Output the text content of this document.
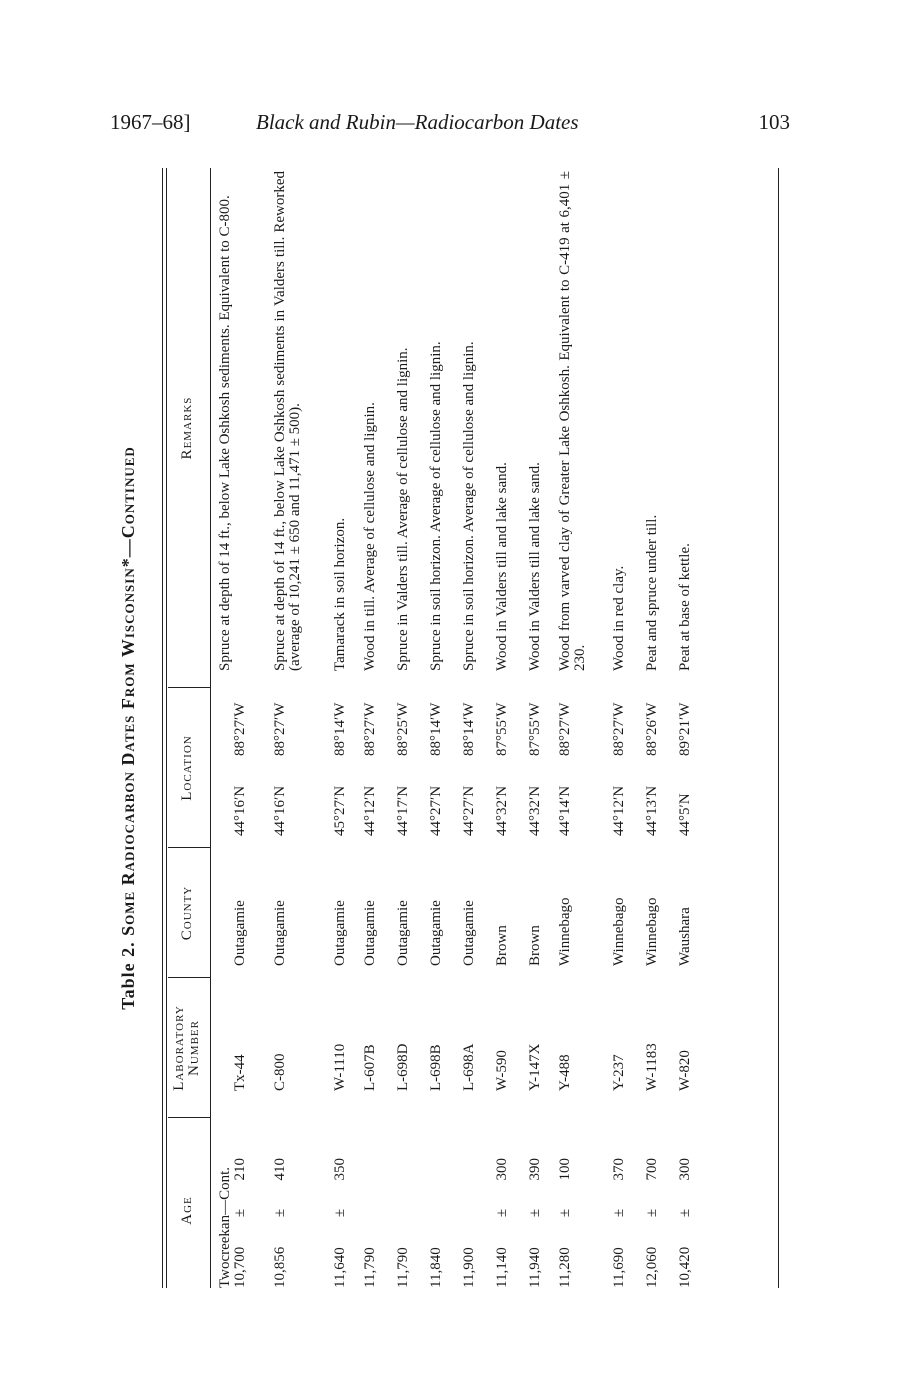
1967–68]	Black and Rubin—Radiocarbon Dates	103
Table 2. Some Radiocarbon Dates From Wisconsin*—Continued
Age
Laboratory
Number
County
Location
Remarks
Twocreekan—Cont. 10,700±210
Tx-44
Outagamie
44°16′N
88°27′W
Spruce at depth of 14 ft., below Lake Oshkosh sediments. Equivalent to C-800.
10,856±410
C-800
Outagamie
44°16′N
88°27′W
Spruce at depth of 14 ft., below Lake Oshkosh sediments in Valders till. Reworked (average of 10,241 ± 650 and 11,471 ± 500).
11,640±350
W-1110
Outagamie
45°27′N
88°14′W
Tamarack in soil horizon.
11,790
L-607B
Outagamie
44°12′N
88°27′W
Wood in till. Average of cellulose and lignin.
11,790
L-698D
Outagamie
44°17′N
88°25′W
Spruce in Valders till. Average of cellulose and lignin.
11,840
L-698B
Outagamie
44°27′N
88°14′W
Spruce in soil horizon. Average of cellulose and lignin.
11,900
L-698A
Outagamie
44°27′N
88°14′W
Spruce in soil horizon. Average of cellulose and lignin.
11,140±300
W-590
Brown
44°32′N
87°55′W
Wood in Valders till and lake sand.
11,940±390
Y-147X
Brown
44°32′N
87°55′W
Wood in Valders till and lake sand.
11,280±100
Y-488
Winnebago
44°14′N
88°27′W
Wood from varved clay of Greater Lake Oshkosh. Equivalent to C-419 at 6,401 ± 230.
11,690±370
Y-237
Winnebago
44°12′N
88°27′W
Wood in red clay.
12,060±700
W-1183
Winnebago
44°13′N
88°26′W
Peat and spruce under till.
10,420±300
W-820
Waushara
44°5′N
89°21′W
Peat at base of kettle.
